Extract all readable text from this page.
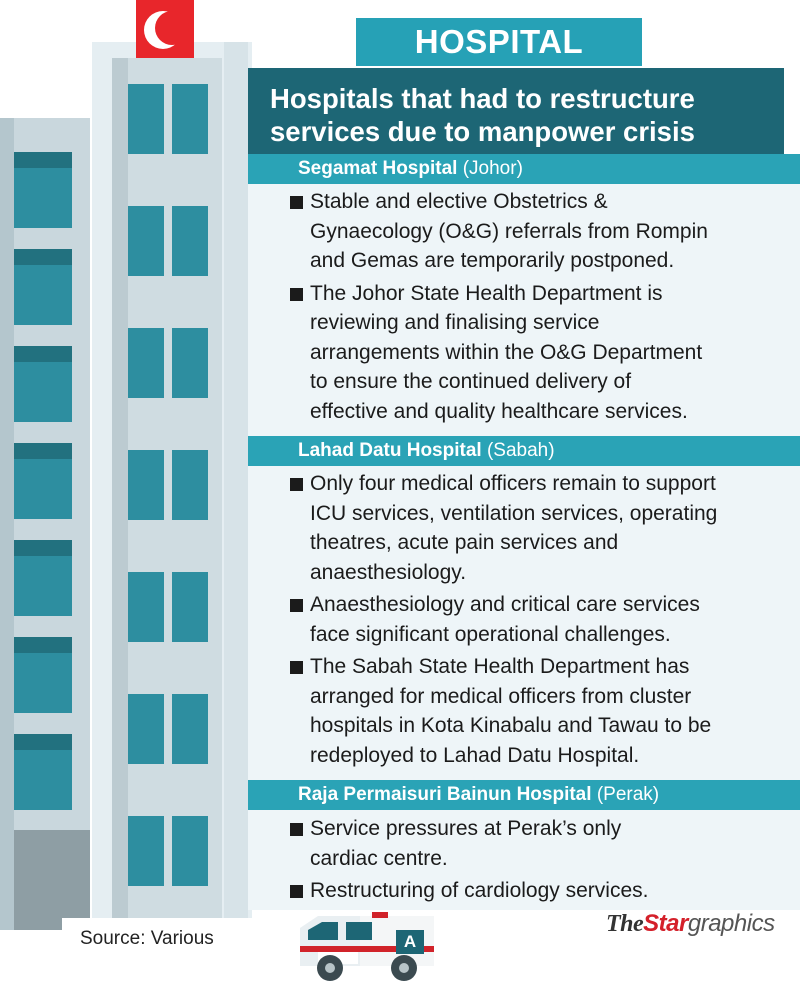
A
HOSPITAL
Hospitals that had to restructure
services due to manpower crisis
Segamat Hospital (Johor)
Stable and elective Obstetrics &
Gynaecology (O&G) referrals from Rompin
and Gemas are temporarily postponed.
The Johor State Health Department is
reviewing and finalising service
arrangements within the O&G Department
to ensure the continued delivery of
effective and quality healthcare services.
Lahad Datu Hospital (Sabah)
Only four medical officers remain to support
ICU services, ventilation services, operating
theatres, acute pain services and
anaesthesiology.
Anaesthesiology and critical care services
face significant operational challenges.
The Sabah State Health Department has
arranged for medical officers from cluster
hospitals in Kota Kinabalu and Tawau to be
redeployed to Lahad Datu Hospital.
Raja Permaisuri Bainun Hospital (Perak)
Service pressures at Perak’s only
cardiac centre.
Restructuring of cardiology services.
Source: Various
TheStargraphics
